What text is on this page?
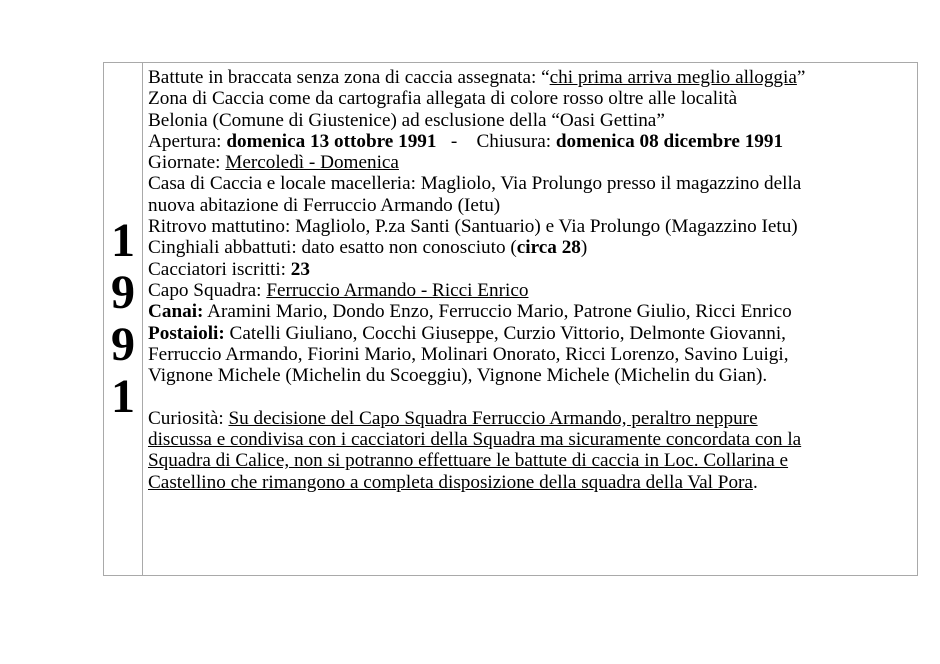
1
9
9
1
Battute in braccata senza zona di caccia assegnata: “chi prima arriva meglio alloggia”
Zona di Caccia come da cartografia allegata di colore rosso oltre alle località
Belonia (Comune di Giustenice) ad esclusione della “Oasi Gettina”
Apertura: domenica 13 ottobre 1991   -    Chiusura: domenica 08 dicembre 1991
Giornate: Mercoledì - Domenica
Casa di Caccia e locale macelleria: Magliolo, Via Prolungo presso il magazzino della
nuova abitazione di Ferruccio Armando (Ietu)
Ritrovo mattutino: Magliolo, P.za Santi (Santuario) e Via Prolungo (Magazzino Ietu)
Cinghiali abbattuti: dato esatto non conosciuto (circa 28)
Cacciatori iscritti: 23
Capo Squadra: Ferruccio Armando - Ricci Enrico
Canai: Aramini Mario, Dondo Enzo, Ferruccio Mario, Patrone Giulio, Ricci Enrico
Postaioli: Catelli Giuliano, Cocchi Giuseppe, Curzio Vittorio, Delmonte Giovanni,
Ferruccio Armando, Fiorini Mario, Molinari Onorato, Ricci Lorenzo, Savino Luigi,
Vignone Michele (Michelin du Scoeggiu), Vignone Michele (Michelin du Gian).
Curiosità: Su decisione del Capo Squadra Ferruccio Armando, peraltro neppure
discussa e condivisa con i cacciatori della Squadra ma sicuramente concordata con la
Squadra di Calice, non si potranno effettuare le battute di caccia in Loc. Collarina e
Castellino che rimangono a completa disposizione della squadra della Val Pora.
